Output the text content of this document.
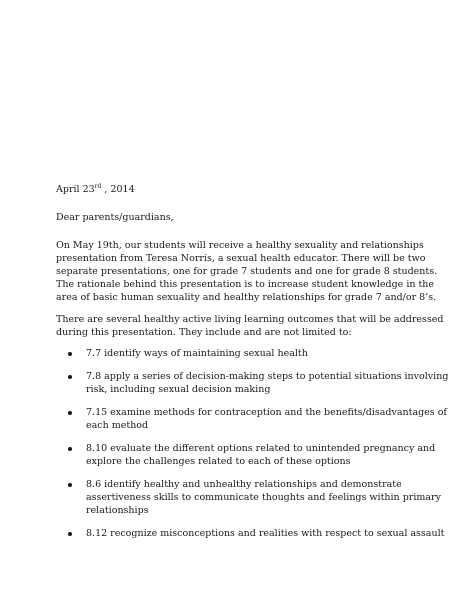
April 23rd , 2014

Dear parents/guardians,

On May 19th, our students will receive a healthy sexuality and relationships presentation from Teresa Norris, a sexual health educator. There will be two separate presentations, one for grade 7 students and one for grade 8 students. The rationale behind this presentation is to increase student knowledge in the area of basic human sexuality and healthy relationships for grade 7 and/or 8’s.

There are several healthy active living learning outcomes that will be addressed during this presentation. They include and are not limited to:

7.7 identify ways of maintaining sexual health
7.8 apply a series of decision-making steps to potential situations involving risk, including sexual decision making
7.15 examine methods for contraception and the benefits/disadvantages of each method
8.10 evaluate the different options related to unintended pregnancy and explore the challenges related to each of these options
8.6 identify healthy and unhealthy relationships and demonstrate assertiveness skills to communicate thoughts and feelings within primary relationships
8.12 recognize misconceptions and realities with respect to sexual assault
